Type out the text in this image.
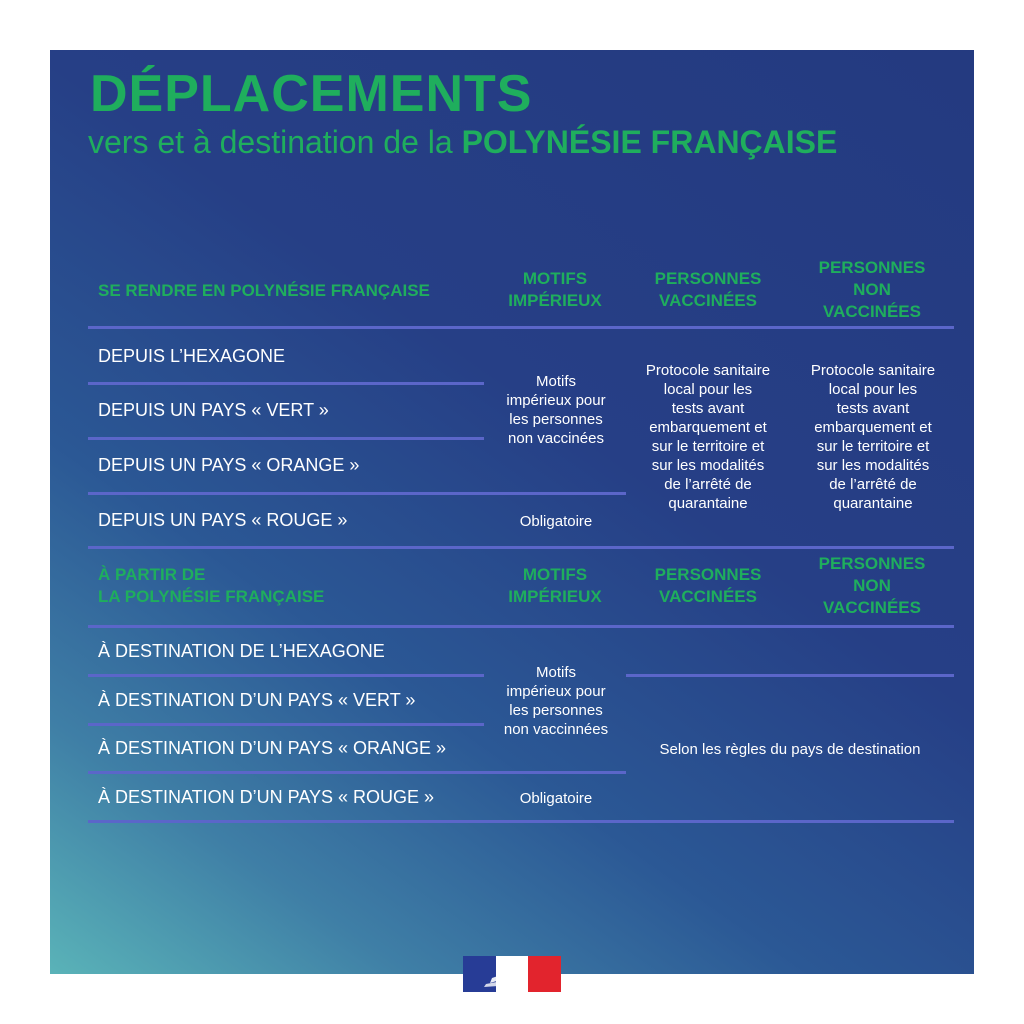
DÉPLACEMENTS
vers et à destination de la POLYNÉSIE FRANÇAISE
SE RENDRE EN POLYNÉSIE FRANÇAISE
MOTIFS
IMPÉRIEUX
PERSONNES
VACCINÉES
PERSONNES
NON
VACCINÉES
DEPUIS L’HEXAGONE
DEPUIS UN PAYS « VERT »
DEPUIS UN PAYS « ORANGE »
DEPUIS UN PAYS « ROUGE »
Motifs
impérieux pour
les personnes
non vaccinées
Obligatoire
Protocole sanitaire
local pour les
tests avant
embarquement et
sur le territoire et
sur les modalités
de l’arrêté de
quarantaine
Protocole sanitaire
local pour les
tests avant
embarquement et
sur le territoire et
sur les modalités
de l’arrêté de
quarantaine
À PARTIR DE
LA POLYNÉSIE FRANÇAISE
MOTIFS
IMPÉRIEUX
PERSONNES
VACCINÉES
PERSONNES
NON
VACCINÉES
À DESTINATION DE L’HEXAGONE
À DESTINATION D’UN PAYS « VERT »
À DESTINATION D’UN PAYS « ORANGE »
À DESTINATION D’UN PAYS « ROUGE »
Motifs
impérieux pour
les personnes
non vaccinnées
Obligatoire
Selon les règles du pays de destination
